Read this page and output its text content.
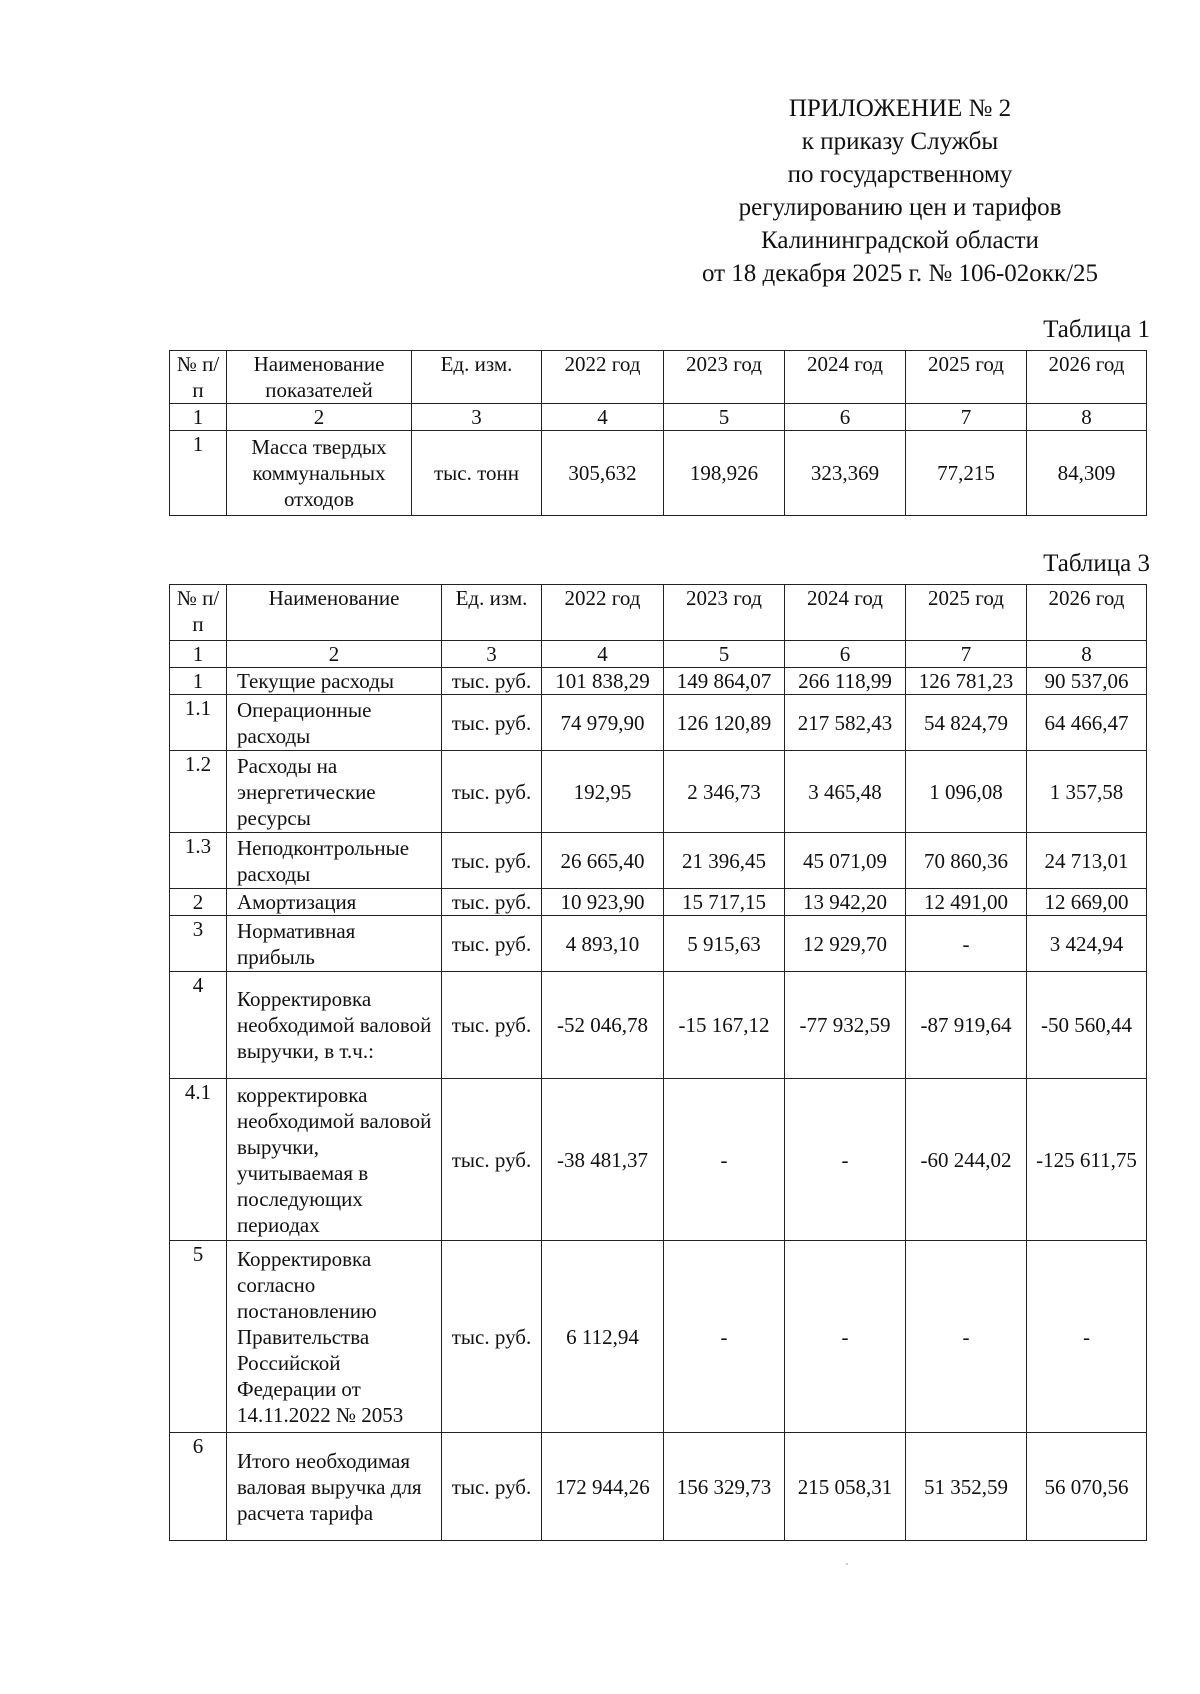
ПРИЛОЖЕНИЕ № 2
к приказу Службы
по государственному
регулированию цен и тарифов
Калининградской области
от 18 декабря 2025 г. № 106-02окк/25
Таблица 1
№ п/п	Наименование показателей	Ед. изм.	2022 год	2023 год	2024 год	2025 год	2026 год
1	2	3	4	5	6	7	8
1	Масса твердых коммунальных отходов	тыс. тонн	305,632	198,926	323,369	77,215	84,309
Таблица 3
№ п/п	Наименование	Ед. изм.	2022 год	2023 год	2024 год	2025 год	2026 год
1	2	3	4	5	6	7	8
1	Текущие расходы	тыс. руб.	101 838,29	149 864,07	266 118,99	126 781,23	90 537,06
1.1	Операционные расходы	тыс. руб.	74 979,90	126 120,89	217 582,43	54 824,79	64 466,47
1.2	Расходы на энергетические ресурсы	тыс. руб.	192,95	2 346,73	3 465,48	1 096,08	1 357,58
1.3	Неподконтрольные расходы	тыс. руб.	26 665,40	21 396,45	45 071,09	70 860,36	24 713,01
2	Амортизация	тыс. руб.	10 923,90	15 717,15	13 942,20	12 491,00	12 669,00
3	Нормативная прибыль	тыс. руб.	4 893,10	5 915,63	12 929,70	-	3 424,94
4	Корректировка необходимой валовой выручки, в т.ч.:	тыс. руб.	-52 046,78	-15 167,12	-77 932,59	-87 919,64	-50 560,44
4.1	корректировка необходимой валовой выручки, учитываемая в последующих периодах	тыс. руб.	-38 481,37	-	-	-60 244,02	-125 611,75
5	Корректировка согласно постановлению Правительства Российской Федерации от 14.11.2022 № 2053	тыс. руб.	6 112,94	-	-	-	-
6	Итого необходимая валовая выручка для расчета тарифа	тыс. руб.	172 944,26	156 329,73	215 058,31	51 352,59	56 070,56
